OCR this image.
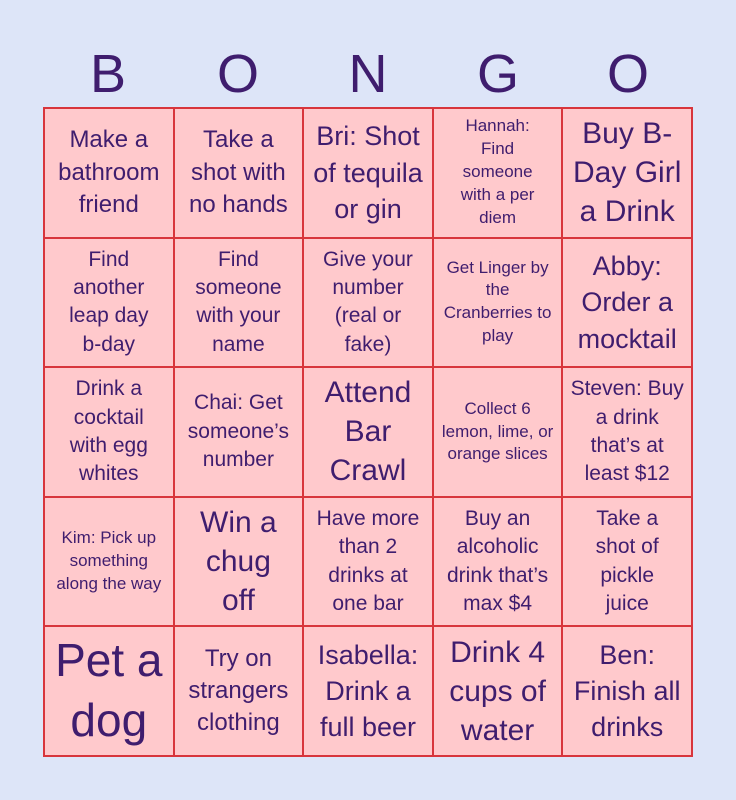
B	O	N	G	O
Make a bathroom friend
Take a shot with no hands
Bri: Shot of tequila or gin
Hannah: Find someone with a per diem
Buy B-Day Girl a Drink
Find another leap day b-day
Find someone with your name
Give your number (real or fake)
Get Linger by the Cranberries to play
Abby: Order a mocktail
Drink a cocktail with egg whites
Chai: Get someone’s number
Attend Bar Crawl
Collect 6 lemon, lime, or orange slices
Steven: Buy a drink that’s at least $12
Kim: Pick up something along the way
Win a chug off
Have more than 2 drinks at one bar
Buy an alcoholic drink that’s max $4
Take a shot of pickle juice
Pet a dog
Try on strangers clothing
Isabella: Drink a full beer
Drink 4 cups of water
Ben: Finish all drinks
